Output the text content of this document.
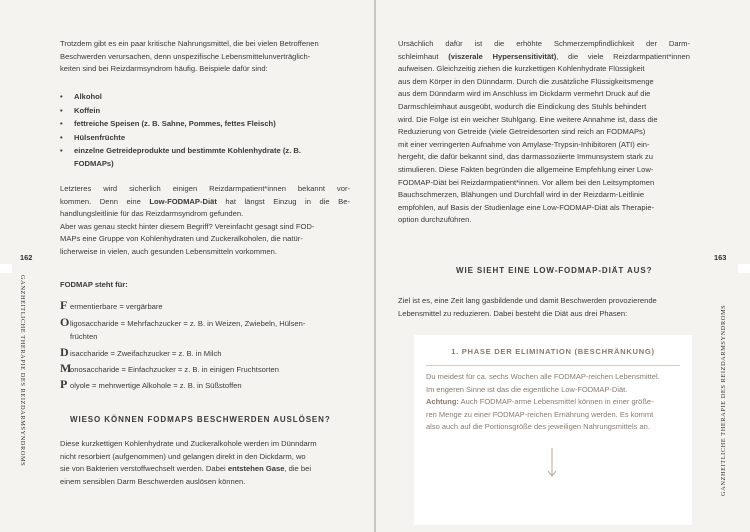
Trotzdem gibt es ein paar kritische Nahrungsmittel, die bei vielen Betroffenen

Beschwerden verursachen, denn unspezifische Lebensmittelunverträglich-

keiten sind bei Reizdarmsyndrom häufig. Beispiele dafür sind:

• Alkohol
• Koffein
• fettreiche Speisen (z. B. Sahne, Pommes, fettes Fleisch)
• Hülsenfrüchte
• einzelne Getreideprodukte und bestimmte Kohlenhydrate (z. B.
FODMAPs)

Letzteres wird sicherlich einigen Reizdarmpatient*innen bekannt vor-

kommen. Denn eine Low-FODMAP-Diät hat längst Einzug in die Be-

handlungsleitlinie für das Reizdarmsyndrom gefunden.

Aber was genau steckt hinter diesem Begriff? Vereinfacht gesagt sind FOD-

MAPs eine Gruppe von Kohlenhydraten und Zuckeralkoholen, die natür-

licherweise in vielen, auch gesunden Lebensmitteln vorkommen.

FODMAP steht für:
F ermentierbare = vergärbare
O ligosaccharide = Mehrfachzucker = z. B. in Weizen, Zwiebeln, Hülsen-
früchten
D isaccharide = Zweifachzucker = z. B. in Milch
M
onosaccharide = Einfachzucker = z. B. in einigen Fruchtsorten
P olyole = mehrwertige Alkohole = z. B. in Süßstoffen
WIESO KÖNNEN FODMAPS BESCHWERDEN AUSLÖSEN?

Diese kurzkettigen Kohlenhydrate und Zuckeralkohole werden im Dünndarm

nicht resorbiert (aufgenommen) und gelangen direkt in den Dickdarm, wo

sie von Bakterien verstoffwechselt werden. Dabei entstehen Gase, die bei

einem sensiblen Darm Beschwerden auslösen können.

162
GANZHEITLICHE THERAPIE DES REIZDARMSYNDROMS

Ursächlich dafür ist die erhöhte Schmerzempfindlichkeit der Darm-

schleimhaut (viszerale Hypersensitivität), die viele Reizdarmpatient*innen

aufweisen. Gleichzeitig ziehen die kurzkettigen Kohlenhydrate Flüssigkeit

aus dem Körper in den Dünndarm. Durch die zusätzliche Flüssigkeitsmenge

aus dem Dünndarm wird im Anschluss im Dickdarm vermehrt Druck auf die

Darmschleimhaut ausgeübt, wodurch die Eindickung des Stuhls behindert

wird. Die Folge ist ein weicher Stuhlgang. Eine weitere Annahme ist, dass die

Reduzierung von Getreide (viele Getreidesorten sind reich an FODMAPs)

mit einer verringerten Aufnahme von Amylase-Trypsin-Inhibitoren (ATI) ein-

hergeht, die dafür bekannt sind, das darmassoziierte Immunsystem stark zu

stimulieren. Diese Fakten begründen die allgemeine Empfehlung einer Low-

FODMAP-Diät bei Reizdarmpatient*innen. Vor allem bei den Leitsymptomen

Bauchschmerzen, Blähungen und Durchfall wird in der Reizdarm-Leitlinie

empfohlen, auf Basis der Studienlage eine Low-FODMAP-Diät als Therapie-

option durchzuführen.

WIE SIEHT EINE LOW-FODMAP-DIÄT AUS?

Ziel ist es, eine Zeit lang gasbildende und damit Beschwerden provozierende

Lebensmittel zu reduzieren. Dabei besteht die Diät aus drei Phasen:

163
GANZHEITLICHE THERAPIE DES REIZDARMSYNDROMS
1. PHASE DER ELIMINATION (BESCHRÄNKUNG)
Du meidest für ca. sechs Wochen alle FODMAP-reichen Lebensmittel.
Im engeren Sinne ist das die eigentliche Low-FODMAP-Diät.
Achtung: Auch FODMAP-arme Lebensmittel können in einer größe-
ren Menge zu einer FODMAP-reichen Ernährung werden. Es kommt
also auch auf die Portionsgröße des jeweiligen Nahrungsmittels an.
